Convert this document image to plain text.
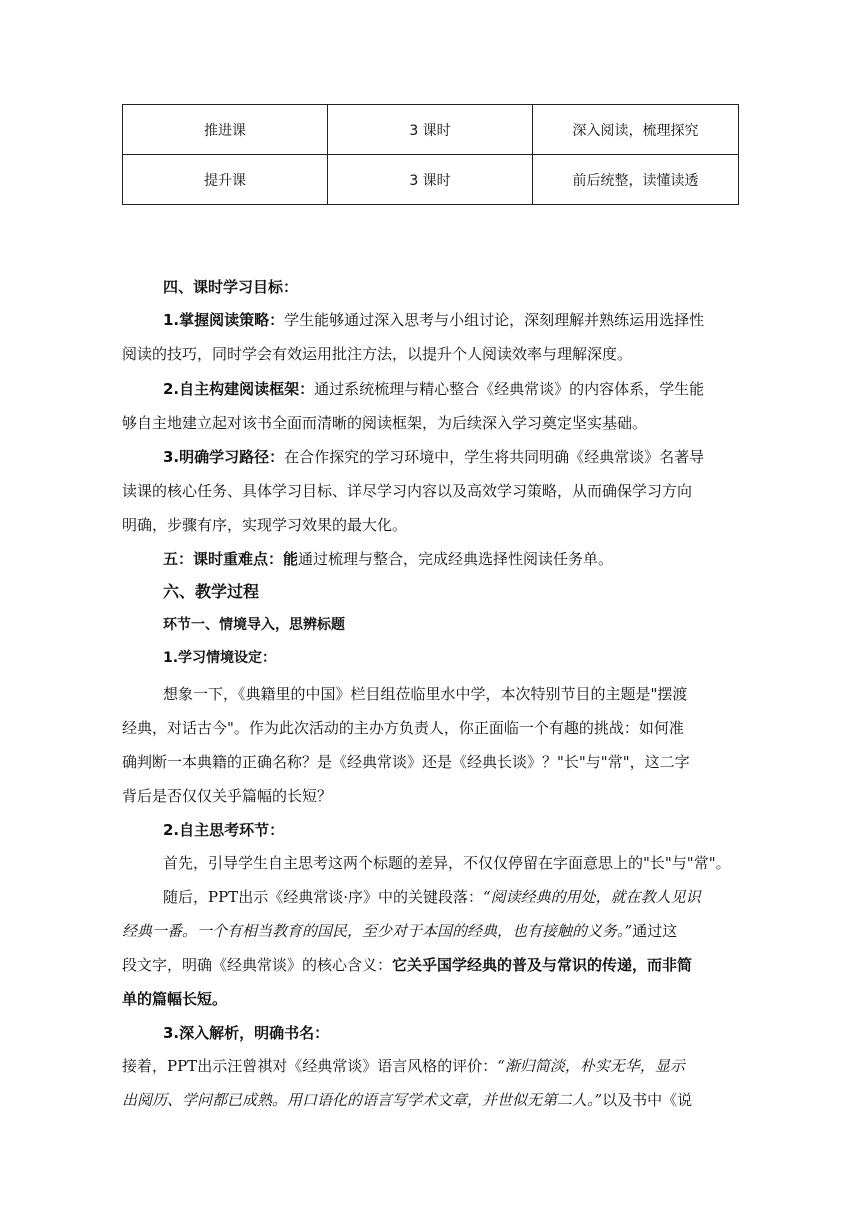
推进课	3 课时	深入阅读，梳理探究
提升课	3 课时	前后统整，读懂读透
四、课时学习目标：
1.掌握阅读策略：学生能够通过深入思考与小组讨论，深刻理解并熟练运用选择性
阅读的技巧，同时学会有效运用批注方法，以提升个人阅读效率与理解深度。
2.自主构建阅读框架：通过系统梳理与精心整合《经典常谈》的内容体系，学生能
够自主地建立起对该书全面而清晰的阅读框架，为后续深入学习奠定坚实基础。
3.明确学习路径：在合作探究的学习环境中，学生将共同明确《经典常谈》名著导
读课的核心任务、具体学习目标、详尽学习内容以及高效学习策略，从而确保学习方向
明确，步骤有序，实现学习效果的最大化。
五：课时重难点：能通过梳理与整合，完成经典选择性阅读任务单。
六、教学过程
环节一、情境导入，思辨标题
1.学习情境设定：
想象一下，《典籍里的中国》栏目组莅临里水中学，本次特别节目的主题是"摆渡
经典，对话古今"。作为此次活动的主办方负责人，你正面临一个有趣的挑战：如何准
确判断一本典籍的正确名称？是《经典常谈》还是《经典长谈》？"长"与"常"，这二字
背后是否仅仅关乎篇幅的长短？
2.自主思考环节：
首先，引导学生自主思考这两个标题的差异，不仅仅停留在字面意思上的"长"与"常"。
随后，PPT出示《经典常谈·序》中的关键段落：“阅读经典的用处，就在教人见识
经典一番。一个有相当教育的国民，至少对于本国的经典，也有接触的义务。”通过这
段文字，明确《经典常谈》的核心含义：它关乎国学经典的普及与常识的传递，而非简
单的篇幅长短。
3.深入解析，明确书名：
接着，PPT出示汪曾祺对《经典常谈》语言风格的评价：“渐归简淡，朴实无华，显示
出阅历、学问都已成熟。用口语化的语言写学术文章，并世似无第二人。”以及书中《说
